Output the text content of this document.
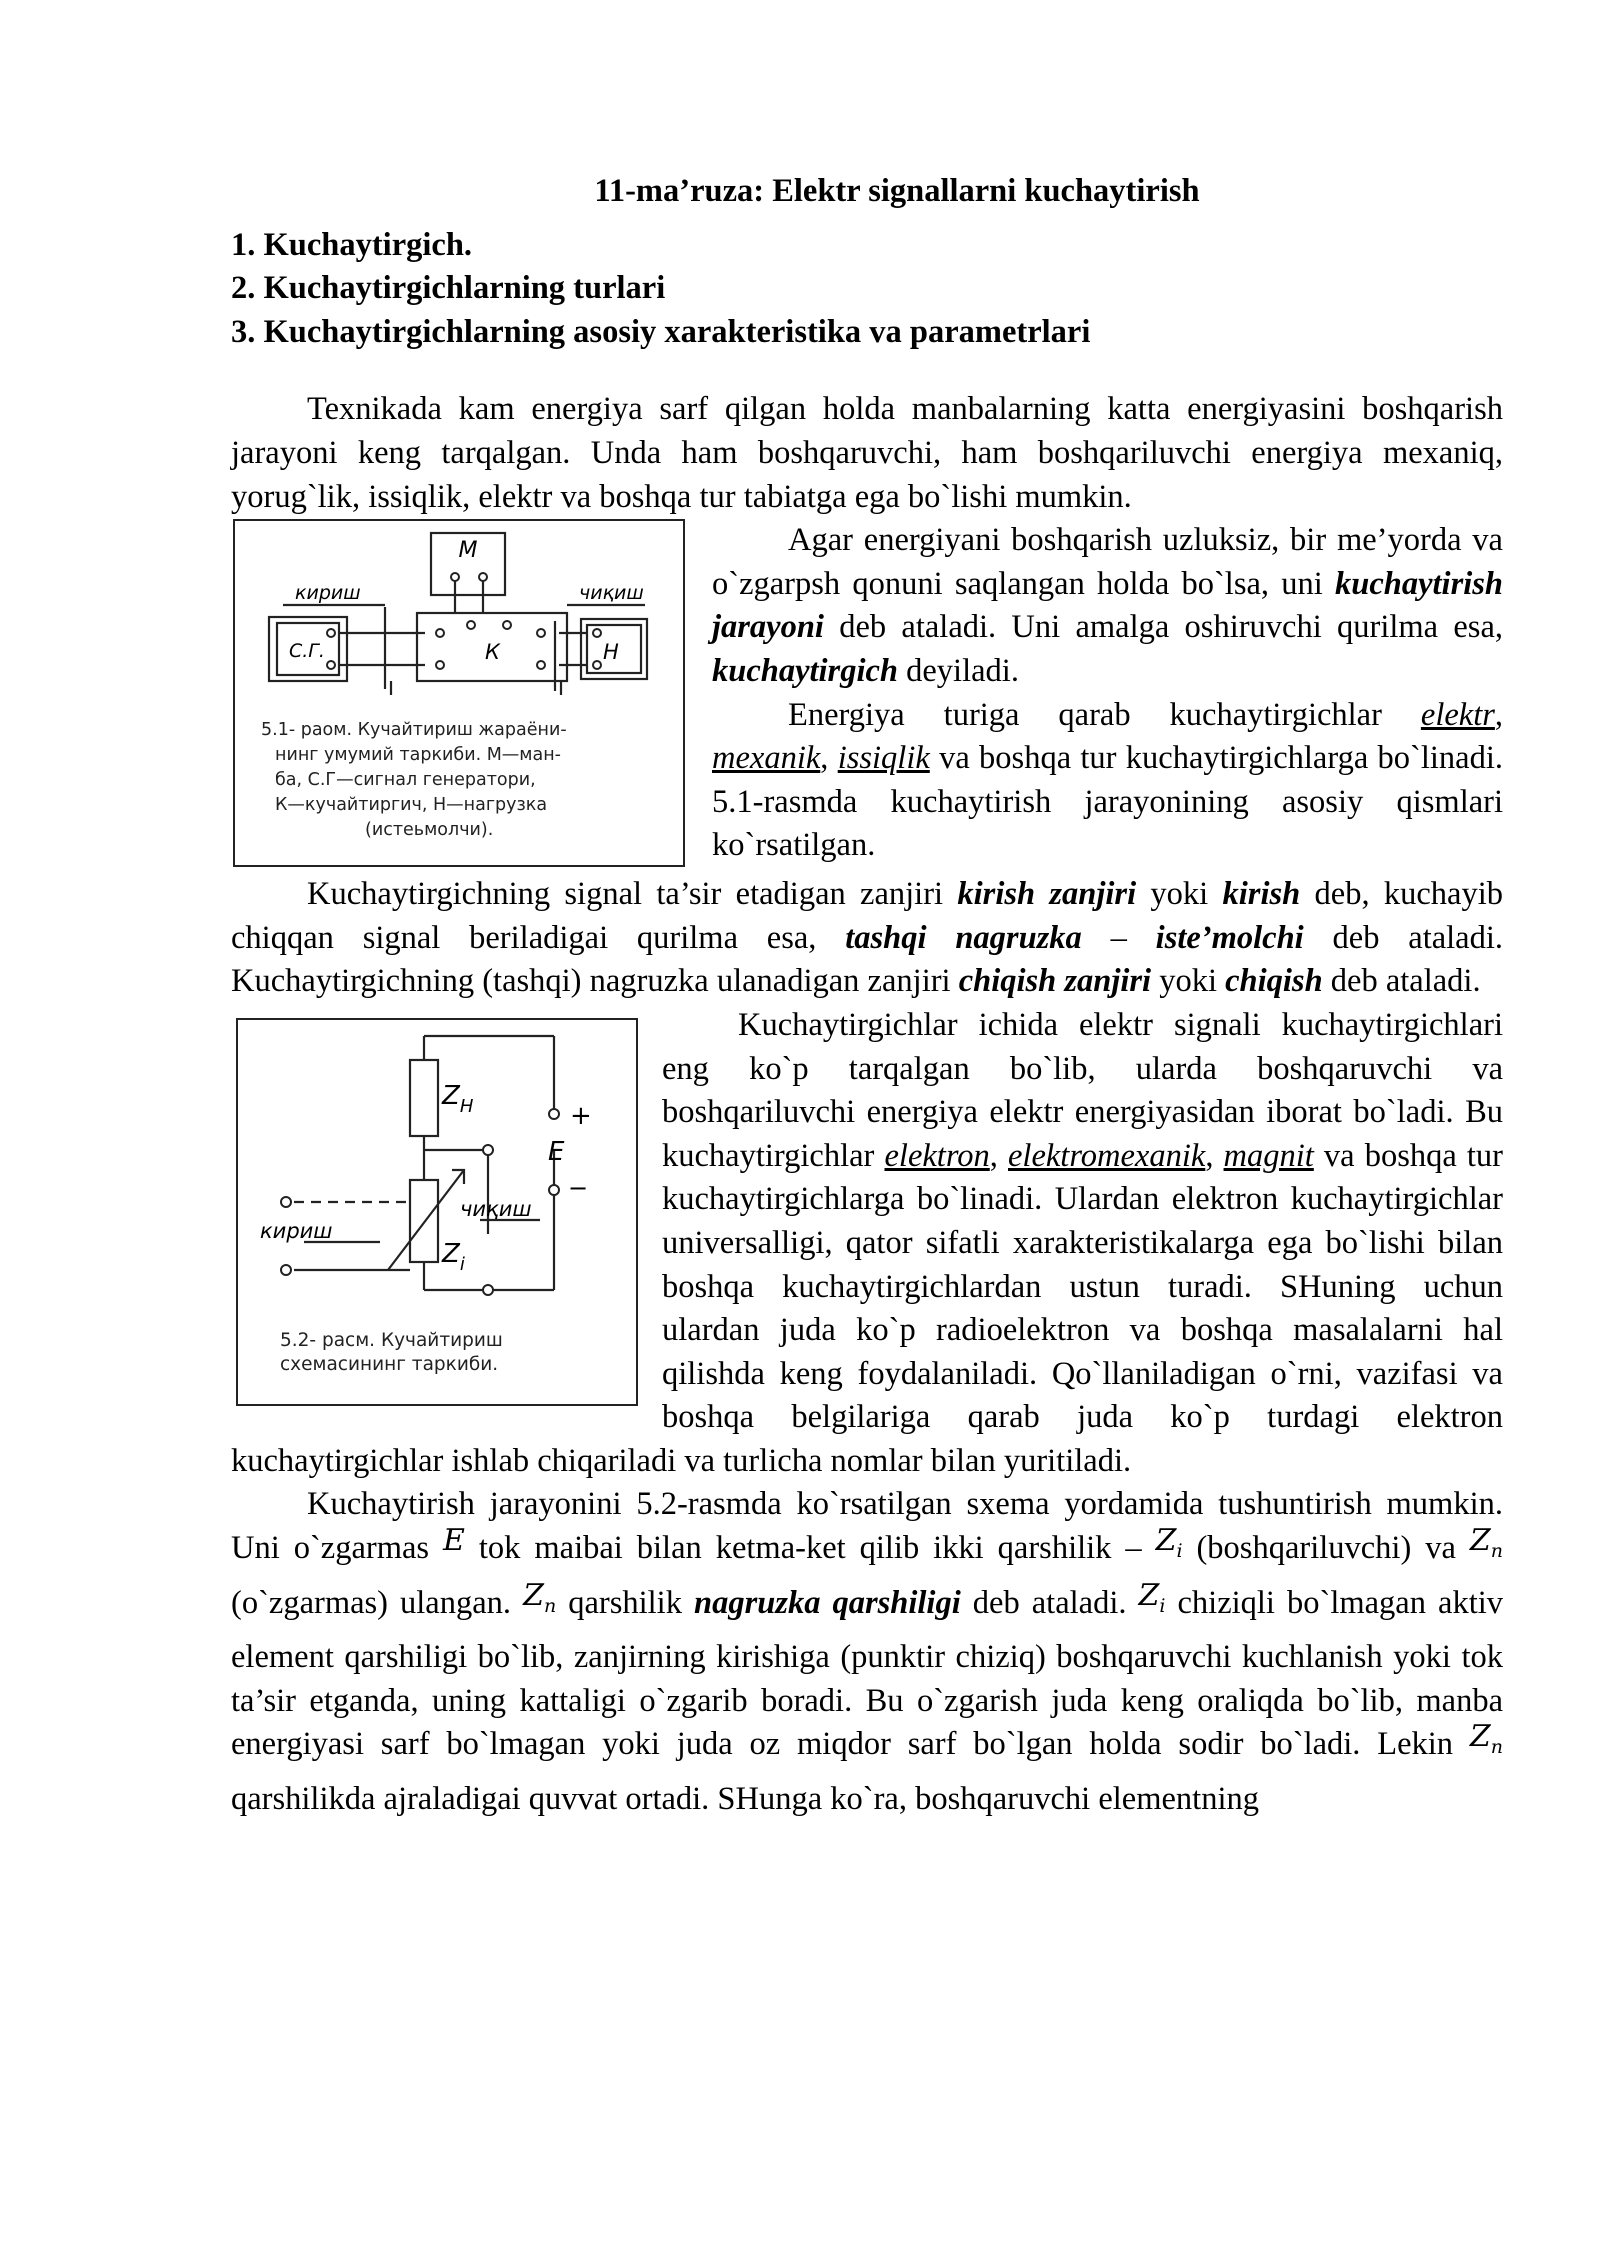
11-ma’ruza: Elektr signallarni kuchaytirish
1. Kuchaytirgich.
2. Kuchaytirgichlarning turlari
3. Kuchaytirgichlarning asosiy xarakteristika va parametrlari

Texnikada kam energiya sarf qilgan holda manbalarning katta energiyasini boshqarish jarayoni keng tarqalgan. Unda ham boshqaruvchi, ham boshqariluvchi energiya mexaniq, yorug`lik, issiqlik, elektr va boshqa tur tabiatga ega bo`lishi mumkin.

М
кириш	чиқиш
С.Г.	К	Н
5.1- раом. Кучайтириш жараёни-
нинг умумий таркиби. М—ман-
ба, С.Г—сигнал генератори,
К—кучайтиргич, Н—нагрузка
(истеьмолчи).

Agar energiyani boshqarish uzluksiz, bir me’yorda va o`zgarpsh qonuni saqlangan holda bo`lsa, uni kuchaytirish jarayoni deb ataladi. Uni amalga oshiruvchi qurilma esa, kuchaytirgich deyiladi.

Energiya turiga qarab kuchaytirgichlar elektr, mexanik, issiqlik va boshqa tur kuchaytirgichlarga bo`linadi. 5.1-rasmda kuchaytirish jarayonining asosiy qismlari ko`rsatilgan.

Kuchaytirgichning signal ta’sir etadigan zanjiri kirish zanjiri yoki kirish deb, kuchayib chiqqan signal beriladigai qurilma esa, tashqi nagruzka – iste’molchi deb ataladi. Kuchaytirgichning (tashqi) nagruzka ulanadigan zanjiri chiqish zanjiri yoki chiqish deb ataladi.

$Z_Н$	+
E
−
чиқиш
кириш
$Z_i$
5.2- расм. Кучайтириш
схемасининг таркиби.

Kuchaytirgichlar ichida elektr signali kuchaytirgichlari eng ko`p tarqalgan bo`lib, ularda boshqaruvchi va boshqariluvchi energiya elektr energiyasidan iborat bo`ladi. Bu kuchaytirgichlar elektron, elektromexanik, magnit va boshqa tur kuchaytirgichlarga bo`linadi. Ulardan elektron kuchaytirgichlar universalligi, qator sifatli xarakteristikalarga ega bo`lishi bilan boshqa kuchaytirgichlardan ustun turadi. SHuning uchun ulardan juda ko`p radioelektron va boshqa masalalarni hal qilishda keng foydalaniladi. Qo`llaniladigan o`rni, vazifasi va boshqa belgilariga qarab juda ko`p turdagi elektron kuchaytirgichlar ishlab chiqariladi va turlicha nomlar bilan yuritiladi.

Kuchaytirish jarayonini 5.2-rasmda ko`rsatilgan sxema yordamida tushuntirish mumkin. Uni o`zgarmas E tok maibai bilan ketma-ket qilib ikki qarshilik – $Z_i$ (boshqariluvchi) va $Z_n$ (o`zgarmas) ulangan. $Z_n$ qarshilik nagruzka qarshiligi deb ataladi. $Z_i$ chiziqli bo`lmagan aktiv element qarshiligi bo`lib, zanjirning kirishiga (punktir chiziq) boshqaruvchi kuchlanish yoki tok ta’sir etganda, uning kattaligi o`zgarib boradi. Bu o`zgarish juda keng oraliqda bo`lib, manba energiyasi sarf bo`lmagan yoki juda oz miqdor sarf bo`lgan holda sodir bo`ladi. Lekin $Z_n$ qarshilikda ajraladigai quvvat ortadi. SHunga ko`ra, boshqaruvchi elementning
